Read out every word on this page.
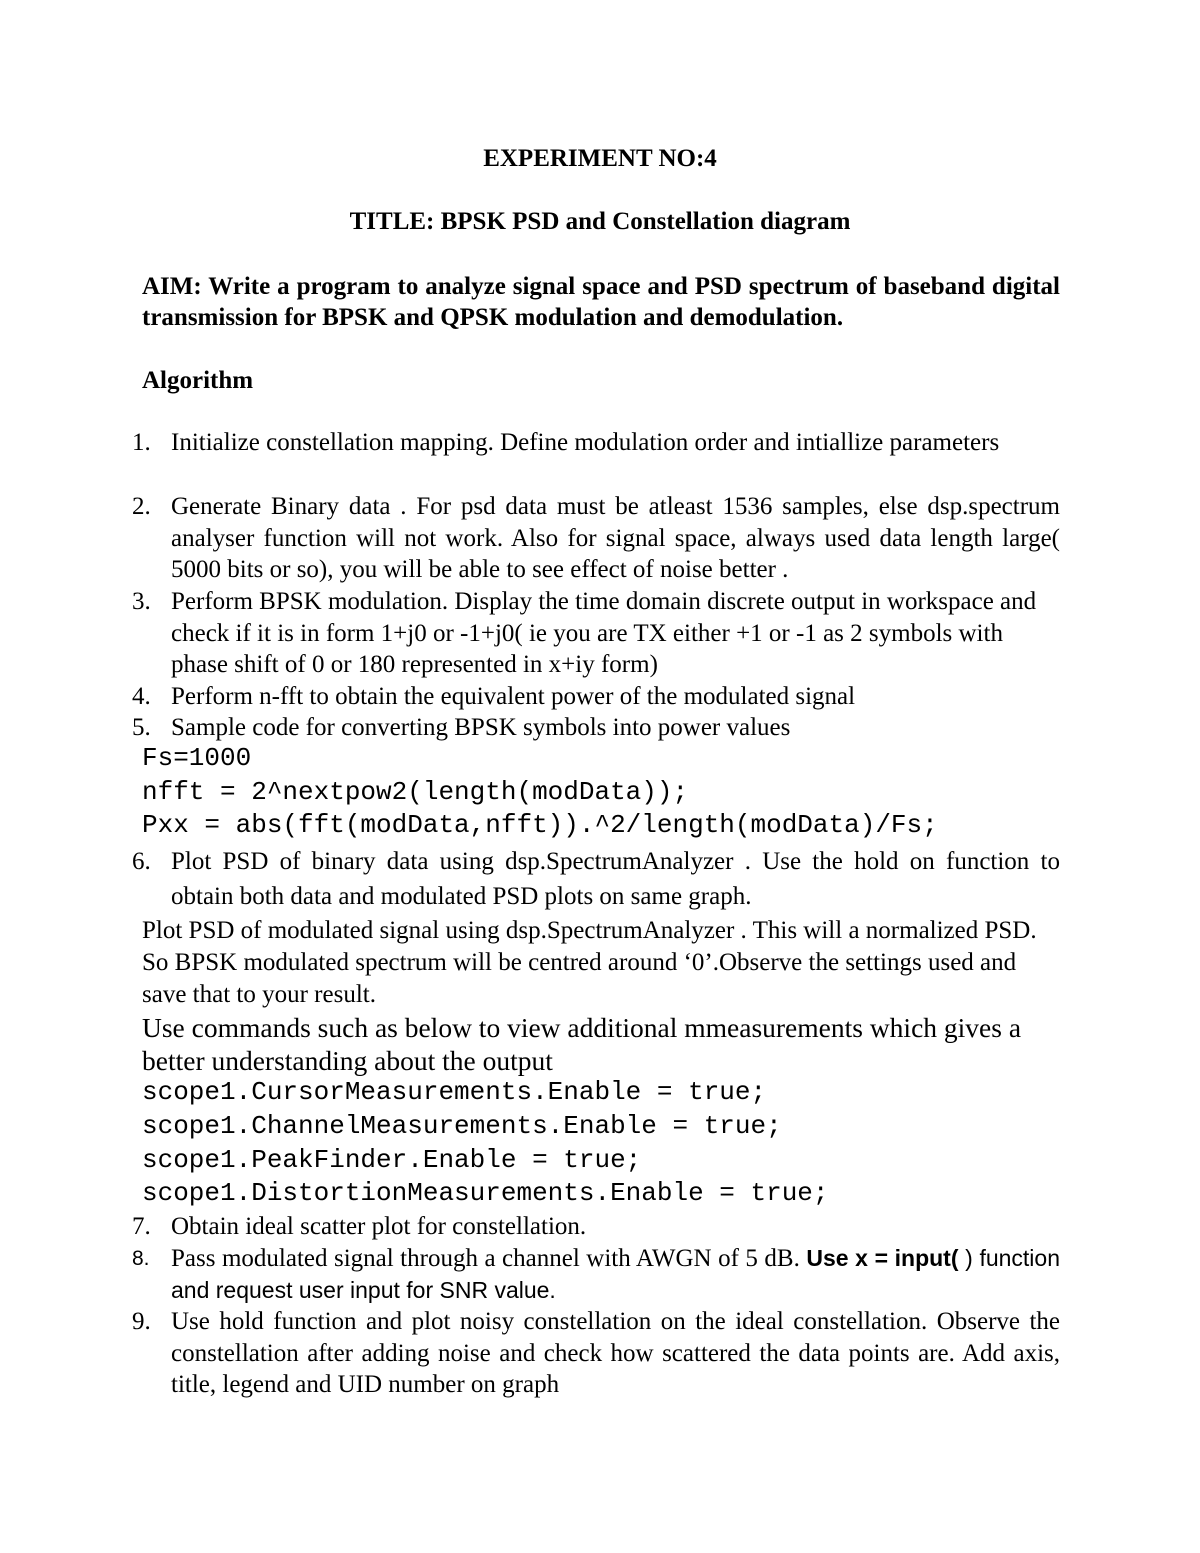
EXPERIMENT NO:4
TITLE: BPSK PSD and Constellation diagram
AIM: Write a program to analyze signal space and PSD spectrum of baseband digital transmission for BPSK and QPSK modulation and demodulation.
Algorithm
1. Initialize constellation mapping. Define modulation order and intiallize parameters
2. Generate Binary data . For psd data must be atleast 1536 samples, else dsp.spectrum analyser function will not work. Also for signal space, always used data length large( 5000 bits or so), you will be able to see effect of noise better .
3. Perform BPSK modulation. Display the time domain discrete output in workspace and check if it is in form 1+j0 or -1+j0( ie you are TX either +1 or -1 as 2 symbols with phase shift of 0 or 180 represented in x+iy form)
4. Perform n-fft to obtain the equivalent power of the modulated signal
5. Sample code for converting BPSK symbols into power values
Fs=1000
nfft = 2^nextpow2(length(modData));
Pxx = abs(fft(modData,nfft)).^2/length(modData)/Fs;
6. Plot PSD of binary data using dsp.SpectrumAnalyzer . Use the hold on function to obtain both data and modulated PSD plots on same graph.
Plot PSD of modulated signal using dsp.SpectrumAnalyzer . This will a normalized PSD. So BPSK modulated spectrum will be centred around ‘0’.Observe the settings used and save that to your result.
Use commands such as below to view additional mmeasurements which gives a better understanding about the output
scope1.CursorMeasurements.Enable = true;
scope1.ChannelMeasurements.Enable = true;
scope1.PeakFinder.Enable = true;
scope1.DistortionMeasurements.Enable = true;
7. Obtain ideal scatter plot for constellation.
8. Pass modulated signal through a channel with AWGN of 5 dB. Use x = input( ) function and request user input for SNR value.
9. Use hold function and plot noisy constellation on the ideal constellation. Observe the constellation after adding noise and check how scattered the data points are. Add axis, title, legend and UID number on graph
